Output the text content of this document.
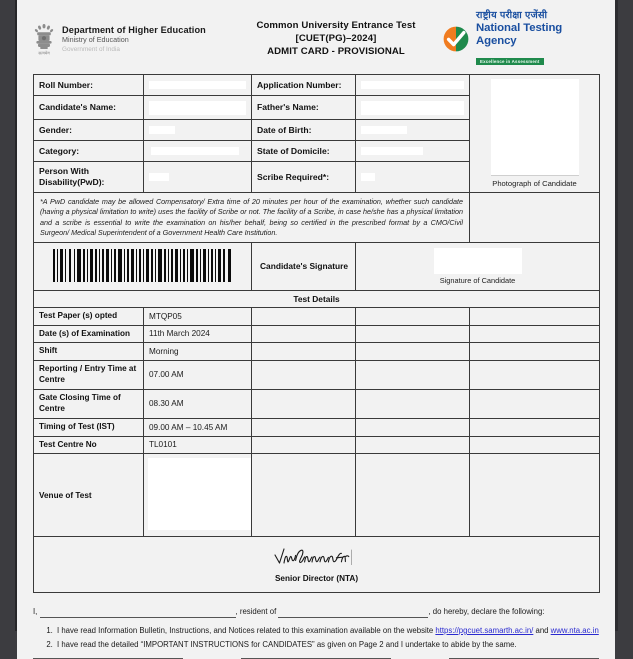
सत्यमेव
Department of Higher Education
Ministry of Education
Government of India
Common University Entrance Test [CUET(PG)–2024]
ADMIT CARD - PROVISIONAL
राष्ट्रीय परीक्षा एजेंसी
National Testing Agency
Excellence in Assessment
Roll Number:		Application Number:		Photograph of Candidate

Candidate's Name:		Father's Name:		

Gender:		Date of Birth:		

Category:		State of Domicile:		

Person With Disability(PwD):		Scribe Required*:		

*A PwD candidate may be allowed Compensatory/ Extra time of 20 minutes per hour of the examination, whether such candidate (having a physical limitation to write) uses the facility of Scribe or not. The facility of a Scribe, in case he/she has a physical limitation and a scribe is essential to write the examination on his/her behalf, being so certified in the prescribed format by a CMO/Civil Surgeon/ Medical Superintendent of a Government Health Care Institution.				
	Candidate's Signature	Signature of Candidate	
Test Details				
Test Paper (s) opted	MTQP05			
Date (s) of Examination	11th March 2024			
Shift	Morning			
Reporting / Entry Time at Centre	07.00 AM			
Gate Closing Time of Centre	08.30 AM			
Timing of Test (IST)	09.00 AM – 10.45 AM			
Test Centre No	TL0101			
Venue of Test	

Senior Director (NTA)				
I,	, resident of	, do hereby, declare the following:
1. I have read Information Bulletin, Instructions, and Notices related to this examination available on the website https://pgcuet.samarth.ac.in/ and www.nta.ac.in
2. I have read the detailed “IMPORTANT INSTRUCTIONS for CANDIDATES” as given on Page 2 and I undertake to abide by the same.
